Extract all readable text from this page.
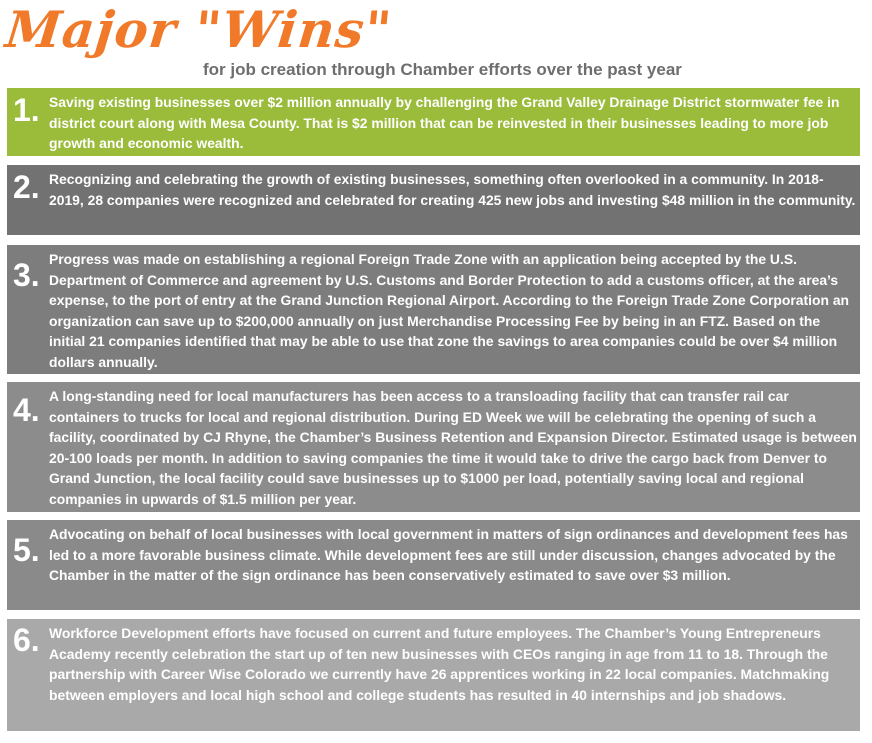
Major "Wins"
for job creation through Chamber efforts over the past year
1. Saving existing businesses over $2 million annually by challenging the Grand Valley Drainage District stormwater fee in district court along with Mesa County. That is $2 million that can be reinvested in their businesses leading to more job growth and economic wealth.
2. Recognizing and celebrating the growth of existing businesses, something often overlooked in a community. In 2018-2019, 28 companies were recognized and celebrated for creating 425 new jobs and investing $48 million in the community.
3. Progress was made on establishing a regional Foreign Trade Zone with an application being accepted by the U.S. Department of Commerce and agreement by U.S. Customs and Border Protection to add a customs officer, at the area’s expense, to the port of entry at the Grand Junction Regional Airport. According to the Foreign Trade Zone Corporation an organization can save up to $200,000 annually on just Merchandise Processing Fee by being in an FTZ. Based on the initial 21 companies identified that may be able to use that zone the savings to area companies could be over $4 million dollars annually.
4. A long-standing need for local manufacturers has been access to a transloading facility that can transfer rail car containers to trucks for local and regional distribution. During ED Week we will be celebrating the opening of such a facility, coordinated by CJ Rhyne, the Chamber’s Business Retention and Expansion Director. Estimated usage is between 20-100 loads per month. In addition to saving companies the time it would take to drive the cargo back from Denver to Grand Junction, the local facility could save businesses up to $1000 per load, potentially saving local and regional companies in upwards of $1.5 million per year.
5. Advocating on behalf of local businesses with local government in matters of sign ordinances and development fees has led to a more favorable business climate. While development fees are still under discussion, changes advocated by the Chamber in the matter of the sign ordinance has been conservatively estimated to save over $3 million.
6. Workforce Development efforts have focused on current and future employees. The Chamber’s Young Entrepreneurs Academy recently celebration the start up of ten new businesses with CEOs ranging in age from 11 to 18. Through the partnership with Career Wise Colorado we currently have 26 apprentices working in 22 local companies. Matchmaking between employers and local high school and college students has resulted in 40 internships and job shadows.
